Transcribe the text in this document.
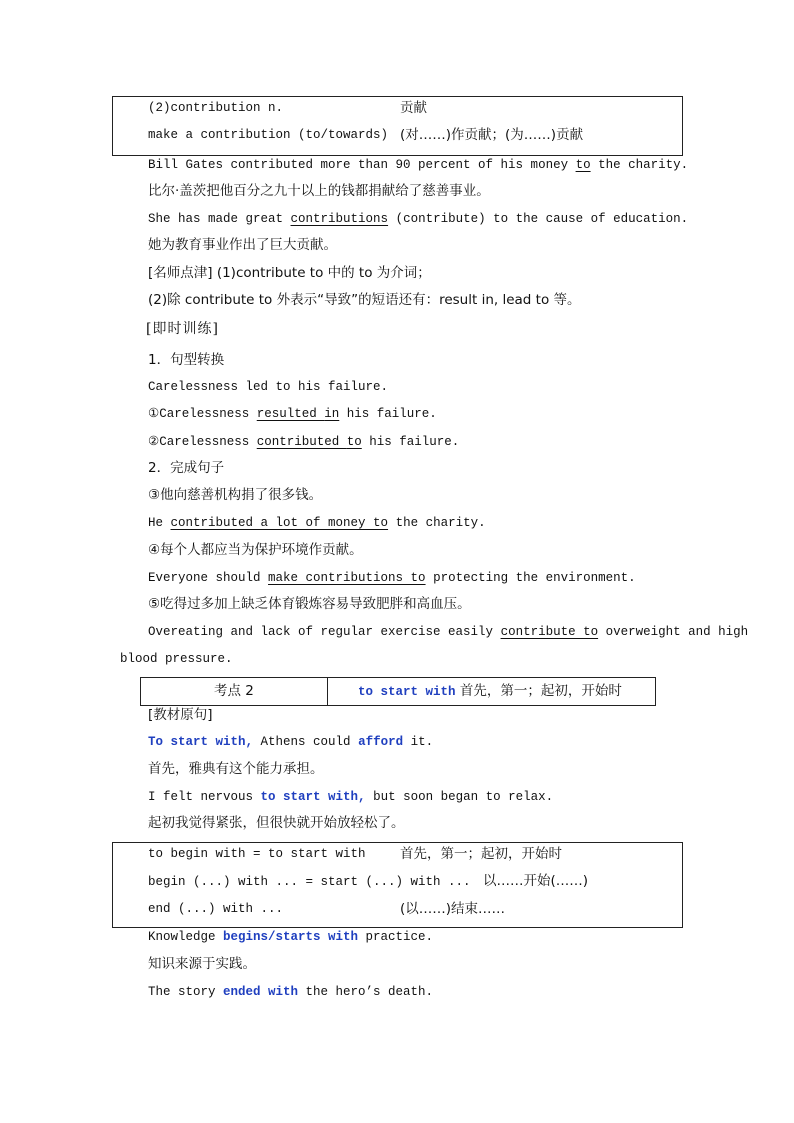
(2)contribution n.	贡献
make a contribution (to/towards) (对……)作贡献；(为……)贡献
Bill Gates contributed more than 90 percent of his money to the charity.
比尔·盖茨把他百分之九十以上的钱都捐献给了慈善事业。
She has made great contributions (contribute) to the cause of education.
她为教育事业作出了巨大贡献。
[名师点津] (1)contribute to 中的 to 为介词；
(2)除 contribute to 外表示“导致”的短语还有：result in, lead to 等。
[即时训练]
1．句型转换
Carelessness led to his failure.
①Carelessness resulted in his failure.
②Carelessness contributed to his failure.
2．完成句子
③他向慈善机构捐了很多钱。
He contributed a lot of money to the charity.
④每个人都应当为保护环境作贡献。
Everyone should make contributions to protecting the environment.
⑤吃得过多加上缺乏体育锻炼容易导致肥胖和高血压。
Overeating and lack of regular exercise easily contribute to overweight and high
blood pressure.
考点 2	to start with 首先，第一；起初，开始时
[教材原句]
To start with, Athens could afford it.
首先，雅典有这个能力承担。
I felt nervous to start with, but soon began to relax.
起初我觉得紧张，但很快就开始放轻松了。
to begin with = to start with	首先，第一；起初，开始时
begin (...) with ... = start (...) with ... 以……开始(……)
end (...) with ...	(以……)结束……
Knowledge begins/starts with practice.
知识来源于实践。
The story ended with the hero’s death.
